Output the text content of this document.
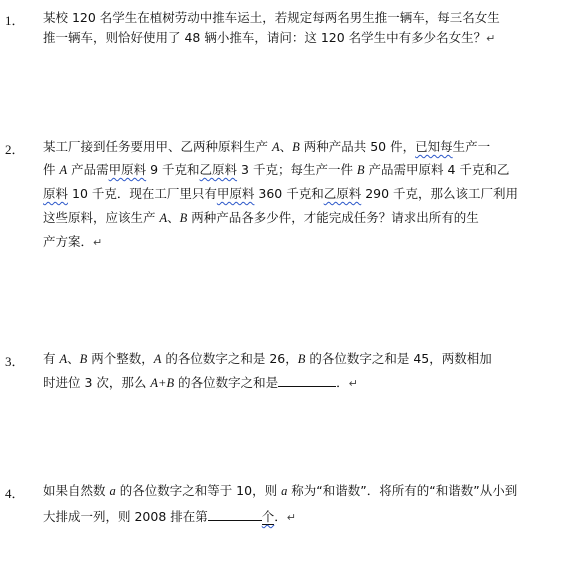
1． 某校 120 名学生在植树劳动中推车运土，若规定每两名男生推一辆车，每三名女生
推一辆车，则恰好使用了 48 辆小推车，请问：这 120 名学生中有多少名女生？↵
2． 某工厂接到任务要用甲、乙两种原料生产 A、B 两种产品共 50 件，已知每生产一
件 A 产品需甲原料 9 千克和乙原料 3 千克；每生产一件 B 产品需甲原料 4 千克和乙
原料 10 千克．现在工厂里只有甲原料 360 千克和乙原料 290 千克，那么该工厂利用
这些原料，应该生产 A、B 两种产品各多少件，才能完成任务？请求出所有的生
产方案．↵
3． 有 A、B 两个整数，A 的各位数字之和是 26，B 的各位数字之和是 45，两数相加
时进位 3 次，那么 A+B 的各位数字之和是	．↵
4． 如果自然数 a 的各位数字之和等于 10，则 a 称为“和谐数”．将所有的“和谐数”从小到
大排成一列，则 2008 排在第	个．↵
